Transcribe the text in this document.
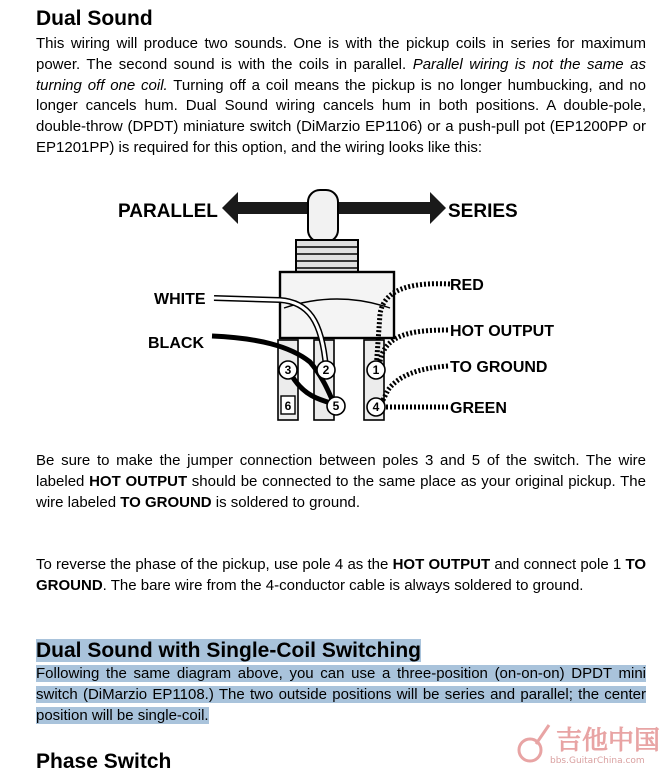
Dual Sound

This wiring will produce two sounds. One is with the pickup coils in series for maximum power. The second sound is with the coils in parallel. Parallel wiring is not the same as turning off one coil. Turning off a coil means the pickup is no longer humbucking, and no longer cancels hum. Dual Sound wiring cancels hum in both positions. A double-pole, double-throw (DPDT) miniature switch (DiMarzio EP1106) or a push-pull pot (EP1200PP or EP1201PP) is required for this option, and the wiring looks like this:

PARALLEL	SERIES
WHITE
BLACK
RED
HOT OUTPUT
TO GROUND
GREEN
3	2	1
6	5	4

Be sure to make the jumper connection between poles 3 and 5 of the switch. The wire labeled HOT OUTPUT should be connected to the same place as your original pickup. The wire labeled TO GROUND is soldered to ground.

To reverse the phase of the pickup, use pole 4 as the HOT OUTPUT and connect pole 1 TO GROUND. The bare wire from the 4-conductor cable is always soldered to ground.

Dual Sound with Single-Coil Switching

Following the same diagram above, you can use a three-position (on-on-on) DPDT mini switch (DiMarzio EP1108.) The two outside positions will be series and parallel; the center position will be single-coil.

Phase Switch
吉他中国
bbs.GuitarChina.com
